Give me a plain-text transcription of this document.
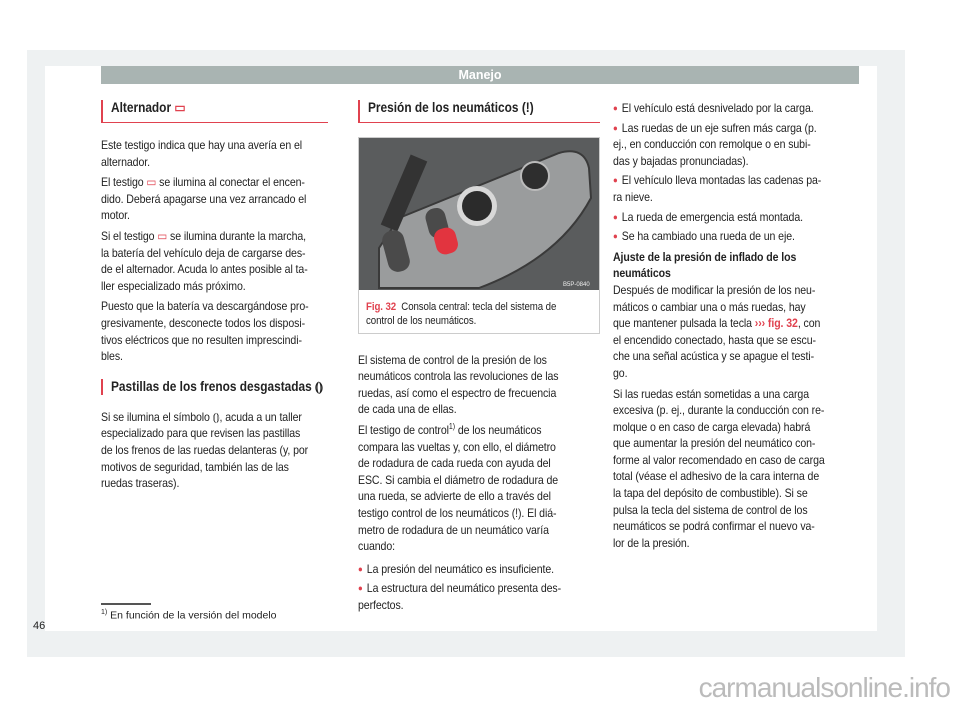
Manejo
Alternador ▭
Este testigo indica que hay una avería en el
alternador.
El testigo ▭ se ilumina al conectar el encen-
dido. Deberá apagarse una vez arrancado el
motor.
Si el testigo ▭ se ilumina durante la marcha,
la batería del vehículo deja de cargarse des-
de el alternador. Acuda lo antes posible al ta-
ller especializado más próximo.
Puesto que la batería va descargándose pro-
gresivamente, desconecte todos los disposi-
tivos eléctricos que no resulten imprescindi-
bles.
Pastillas de los frenos desgastadas ⦅⦆
Si se ilumina el símbolo ⦅⦆, acuda a un taller
especializado para que revisen las pastillas
de los frenos de las ruedas delanteras (y, por
motivos de seguridad, también las de las
ruedas traseras).
Presión de los neumáticos (!)
B5P-0840
Fig. 32 Consola central: tecla del sistema de
control de los neumáticos.
El sistema de control de la presión de los
neumáticos controla las revoluciones de las
ruedas, así como el espectro de frecuencia
de cada una de ellas.
El testigo de control$^{1)}$ de los neumáticos
compara las vueltas y, con ello, el diámetro
de rodadura de cada rueda con ayuda del
ESC. Si cambia el diámetro de rodadura de
una rueda, se advierte de ello a través del
testigo control de los neumáticos (!). El diá-
metro de rodadura de un neumático varía
cuando:
● La presión del neumático es insuficiente.
● La estructura del neumático presenta des-
perfectos.
● El vehículo está desnivelado por la carga.
● Las ruedas de un eje sufren más carga (p.
ej., en conducción con remolque o en subi-
das y bajadas pronunciadas).
● El vehículo lleva montadas las cadenas pa-
ra nieve.
● La rueda de emergencia está montada.
● Se ha cambiado una rueda de un eje.
Ajuste de la presión de inflado de los
neumáticos
Después de modificar la presión de los neu-
máticos o cambiar una o más ruedas, hay
que mantener pulsada la tecla ››› fig. 32, con
el encendido conectado, hasta que se escu-
che una señal acústica y se apague el testi-
go.
Si las ruedas están sometidas a una carga
excesiva (p. ej., durante la conducción con re-
molque o en caso de carga elevada) habrá
que aumentar la presión del neumático con-
forme al valor recomendado en caso de carga
total (véase el adhesivo de la cara interna de
la tapa del depósito de combustible). Si se
pulsa la tecla del sistema de control de los
neumáticos se podrá confirmar el nuevo va-
lor de la presión.
$^{1)}$ En función de la versión del modelo
46
carmanualsonline.info
